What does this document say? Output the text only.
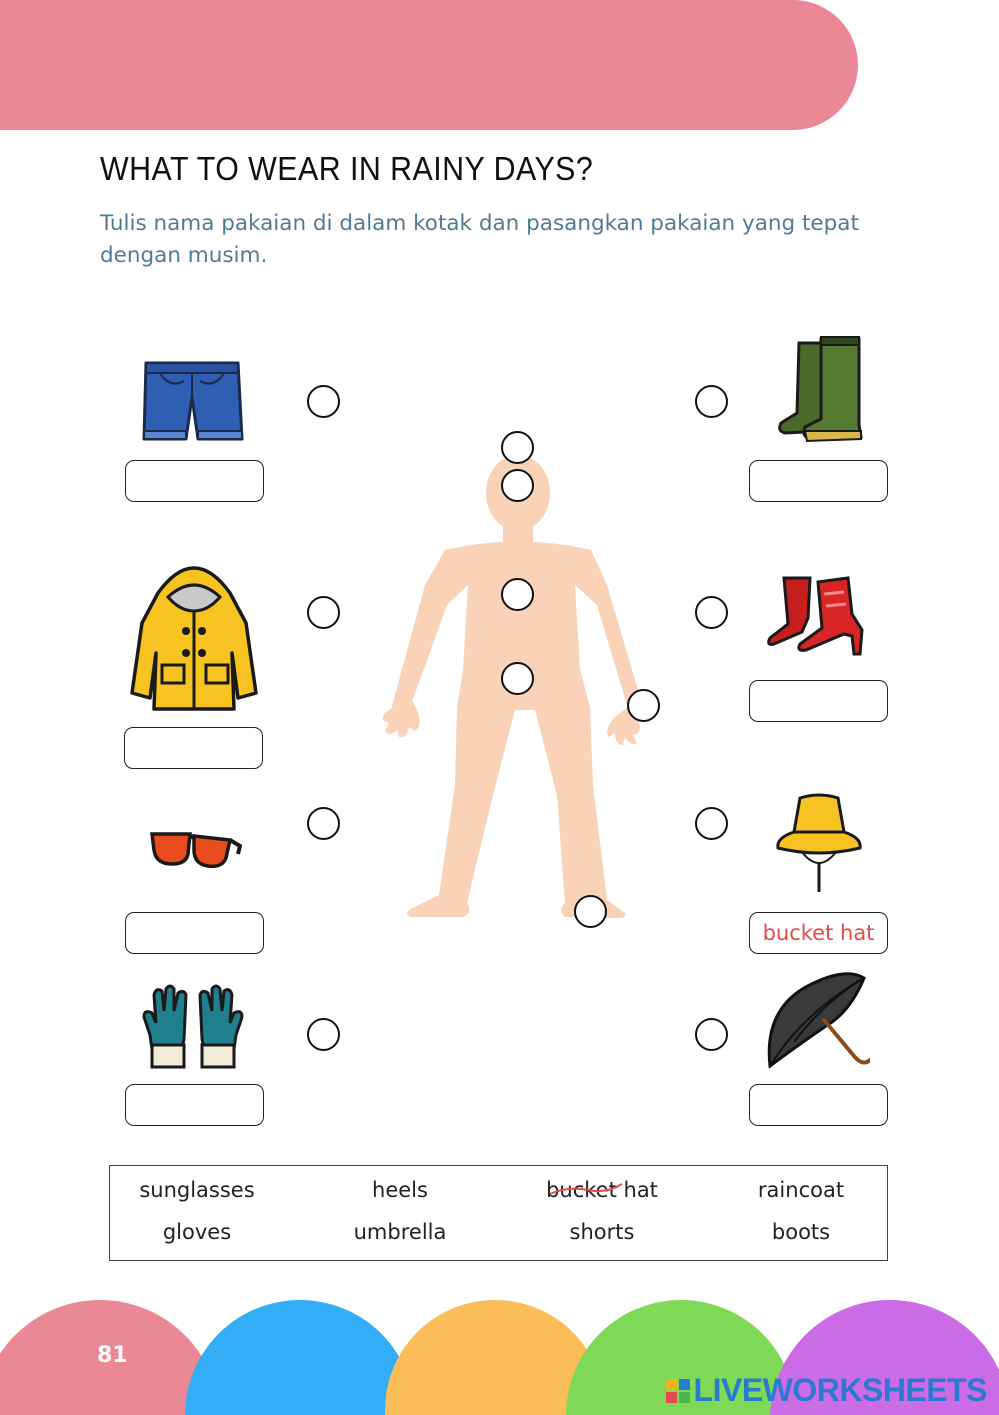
WHAT TO WEAR IN RAINY DAYS?
Tulis nama pakaian di dalam kotak dan pasangkan pakaian yang tepat dengan musim.
bucket hat
sunglasses	heels	bucket hat	raincoat
gloves	umbrella	shorts	boots
81
LIVEWORKSHEETS
